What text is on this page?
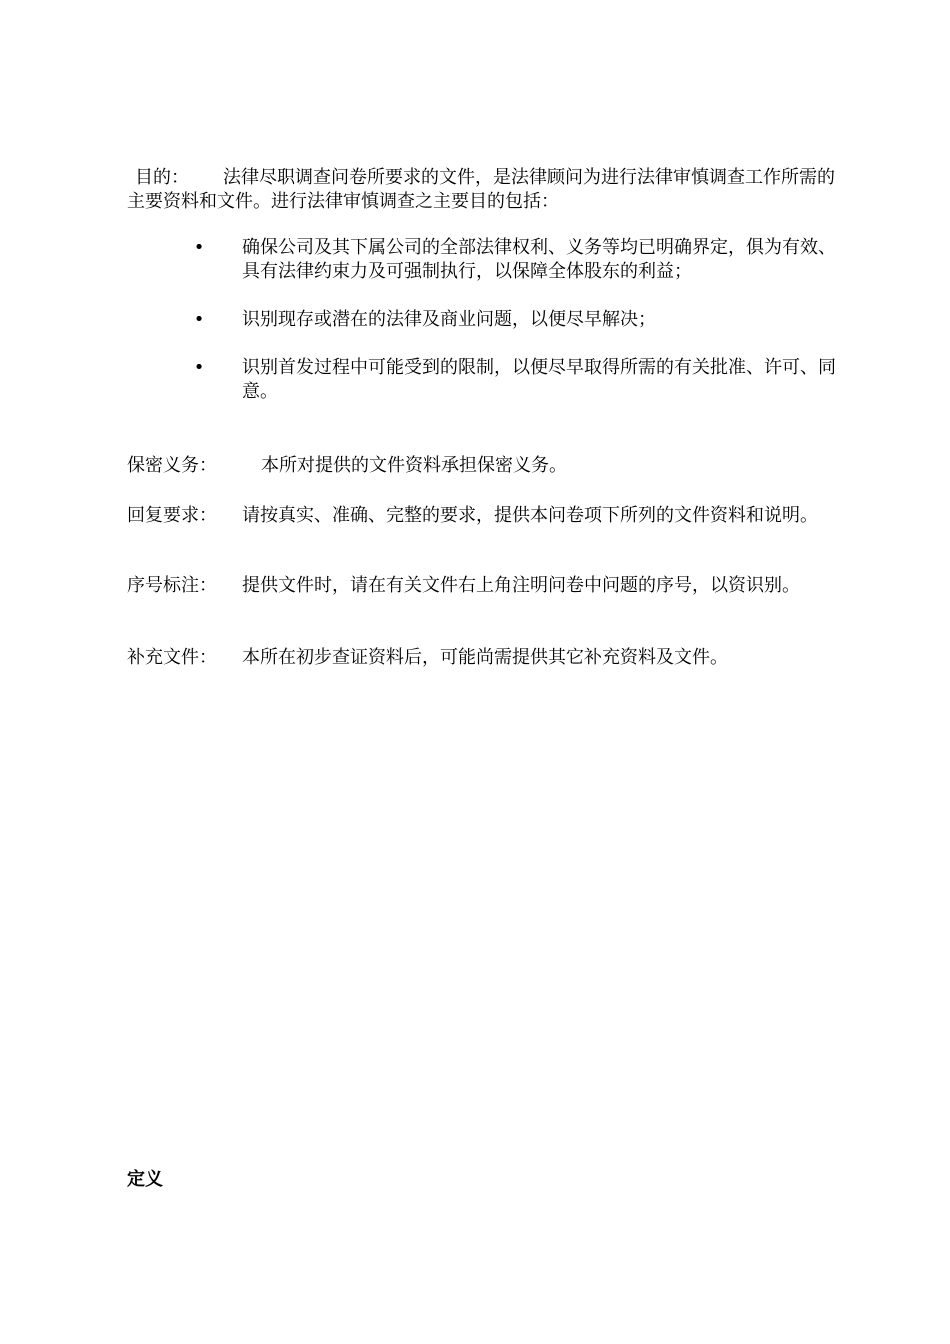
目的： 法律尽职调查问卷所要求的文件，是法律顾问为进行法律审慎调查工作所需的主要资料和文件。进行法律审慎调查之主要目的包括：
• 确保公司及其下属公司的全部法律权利、义务等均已明确界定，俱为有效、具有法律约束力及可强制执行，以保障全体股东的利益；
• 识别现存或潜在的法律及商业问题，以便尽早解决；
• 识别首发过程中可能受到的限制，以便尽早取得所需的有关批准、许可、同意。
保密义务： 本所对提供的文件资料承担保密义务。
回复要求： 请按真实、准确、完整的要求，提供本问卷项下所列的文件资料和说明。
序号标注： 提供文件时，请在有关文件右上角注明问卷中问题的序号，以资识别。
补充文件： 本所在初步查证资料后，可能尚需提供其它补充资料及文件。
定义
